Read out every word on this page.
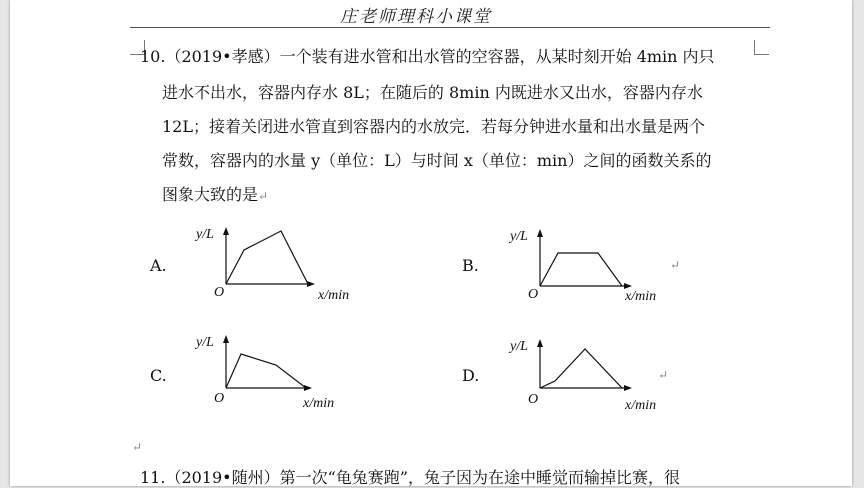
庄老师理科小课堂
10.（2019•孝感）一个装有进水管和出水管的空容器，从某时刻开始 4min 内只
进水不出水，容器内存水 8L；在随后的 8min 内既进水又出水，容器内存水
12L；接着关闭进水管直到容器内的水放完．若每分钟进水量和出水量是两个
常数，容器内的水量 y（单位：L）与时间 x（单位：min）之间的函数关系的
图象大致的是↵
A.
y/L
O	x/min
B.
y/L
O	x/min
↵
C.
y/L
O	x/min
D.
y/L
O	x/min
↵
↵
11.（2019•随州）第一次“龟兔赛跑”，兔子因为在途中睡觉而输掉比赛，很
